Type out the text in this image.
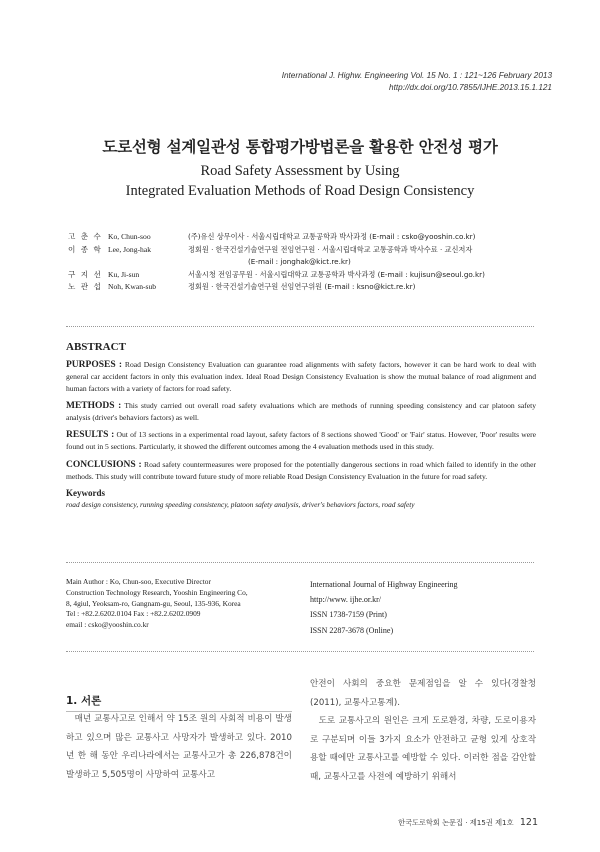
International J. Highw. Engineering Vol. 15 No. 1 : 121~126 February 2013
http://dx.doi.org/10.7855/IJHE.2013.15.1.121
도로선형 설계일관성 통합평가방법론을 활용한 안전성 평가
Road Safety Assessment by Using
Integrated Evaluation Methods of Road Design Consistency
고 춘 수 Ko, Chun-soo	(주)유신 상무이사 · 서울시립대학교 교통공학과 박사과정 (E-mail : csko@yooshin.co.kr)
이 종 학 Lee, Jong-hak	정회원 · 한국건설기술연구원 전임연구원 · 서울시립대학교 교통공학과 박사수료 · 교신저자
(E-mail : jonghak@kict.re.kr)
구 지 선 Ku, Ji-sun	서울시청 전임공무원 · 서울시립대학교 교통공학과 박사과정 (E-mail : kujisun@seoul.go.kr)
노 관 섭 Noh, Kwan-sub	정회원 · 한국건설기술연구원 선임연구위원 (E-mail : ksno@kict.re.kr)
ABSTRACT

PURPOSES : Road Design Consistency Evaluation can guarantee road alignments with safety factors, however it can be hard work to deal with general car accident factors in only this evaluation index. Ideal Road Design Consistency Evaluation is show the mutual balance of road alignment and human factors with a variety of factors for road safety.

METHODS : This study carried out overall road safety evaluations which are methods of running speeding consistency and car platoon safety analysis (driver's behaviors factors) as well.

RESULTS : Out of 13 sections in a experimental road layout, safety factors of 8 sections showed 'Good' or 'Fair' status. However, 'Poor' results were found out in 5 sections. Particularly, it showed the different outcomes among the 4 evaluation methods used in this study.

CONCLUSIONS : Road safety countermeasures were proposed for the potentially dangerous sections in road which failed to identify in the other methods. This study will contribute toward future study of more reliable Road Design Consistency Evaluation in the future for road safety.

Keywords
road design consistency, running speeding consistency, platoon safety analysis, driver's behaviors factors, road safety
Main Author : Ko, Chun-soo, Executive Director
Construction Technology Research, Yooshin Engineering Co,
8, 4giul, Yeoksam-ro, Gangnam-gu, Seoul, 135-936, Korea
Tel : +82.2.6202.0104 Fax : +82.2.6202.0909
email : csko@yooshin.co.kr
International Journal of Highway Engineering
http://www. ijhe.or.kr/
ISSN 1738-7159 (Print)
ISSN 2287-3678 (Online)
1. 서론
매년 교통사고로 인해서 약 15조 원의 사회적 비용이 발생하고 있으며 많은 교통사고 사망자가 발생하고 있다. 2010년 한 해 동안 우리나라에서는 교통사고가 총 226,878건이 발생하고 5,505명이 사망하여 교통사고
안전이 사회의 중요한 문제점임을 알 수 있다(경찰청 (2011), 교통사고통계).
도로 교통사고의 원인은 크게 도로환경, 차량, 도로이용자로 구분되며 이들 3가지 요소가 안전하고 균형 있게 상호작용할 때에만 교통사고를 예방할 수 있다. 이러한 점을 감안할 때, 교통사고를 사전에 예방하기 위해서
한국도로학회 논문집 · 제15권 제1호 121
